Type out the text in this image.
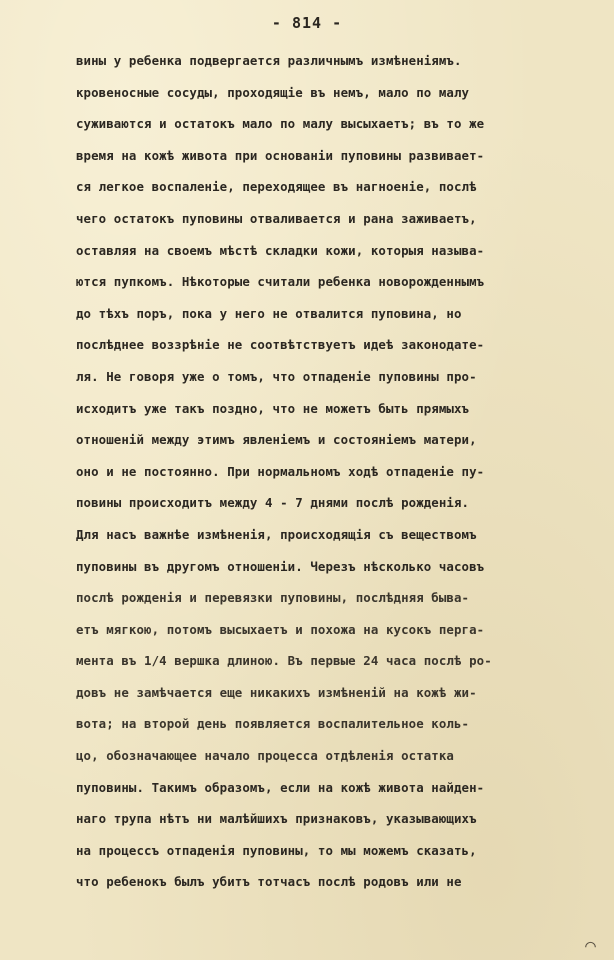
- 814 -
вины у ребенка подвергается различнымъ измѣненiямъ.
кровеносные сосуды, проходящiе въ немъ, мало по малу
суживаются и остатокъ мало по малу высыхаетъ; въ то же
время на кожѣ живота при основанiи пуповины развивает-
ся легкое воспаленiе, переходящее въ нагноенiе, послѣ
чего остатокъ пуповины отваливается и рана заживаетъ,
оставляя на своемъ мѣстѣ складки кожи, которыя называ-
ются пупкомъ. Нѣкоторые считали ребенка новорожденнымъ
до тѣхъ поръ, пока у него не отвалится пуповина, но
послѣднее воззрѣнiе не соотвѣтствуетъ идеѣ законодате-
ля. Не говоря уже о томъ, что отпаденiе пуповины про-
исходитъ уже такъ поздно, что не можетъ быть прямыхъ
отношенiй между этимъ явленiемъ и состоянiемъ матери,
оно и не постоянно. При нормальномъ ходѣ отпаденiе пу-
повины происходитъ между 4 - 7 днями послѣ рожденiя.
Для насъ важнѣе измѣненiя, происходящiя съ веществомъ
пуповины въ другомъ отношенiи. Черезъ нѣсколько часовъ
послѣ рожденiя и перевязки пуповины, послѣдняя быва-
етъ мягкою, потомъ высыхаетъ и похожа на кусокъ перга-
мента въ 1/4 вершка длиною. Въ первые 24 часа послѣ ро-
довъ не замѣчается еще никакихъ измѣненiй на кожѣ жи-
вота; на второй день появляется воспалительное коль-
цо, обозначающее начало процесса отдѣленiя остатка
пуповины. Такимъ образомъ, если на кожѣ живота найден-
наго трупа нѣтъ ни малѣйшихъ признаковъ, указывающихъ
на процессъ отпаденiя пуповины, то мы можемъ сказать,
что ребенокъ былъ убитъ тотчасъ послѣ родовъ или не
⌒
